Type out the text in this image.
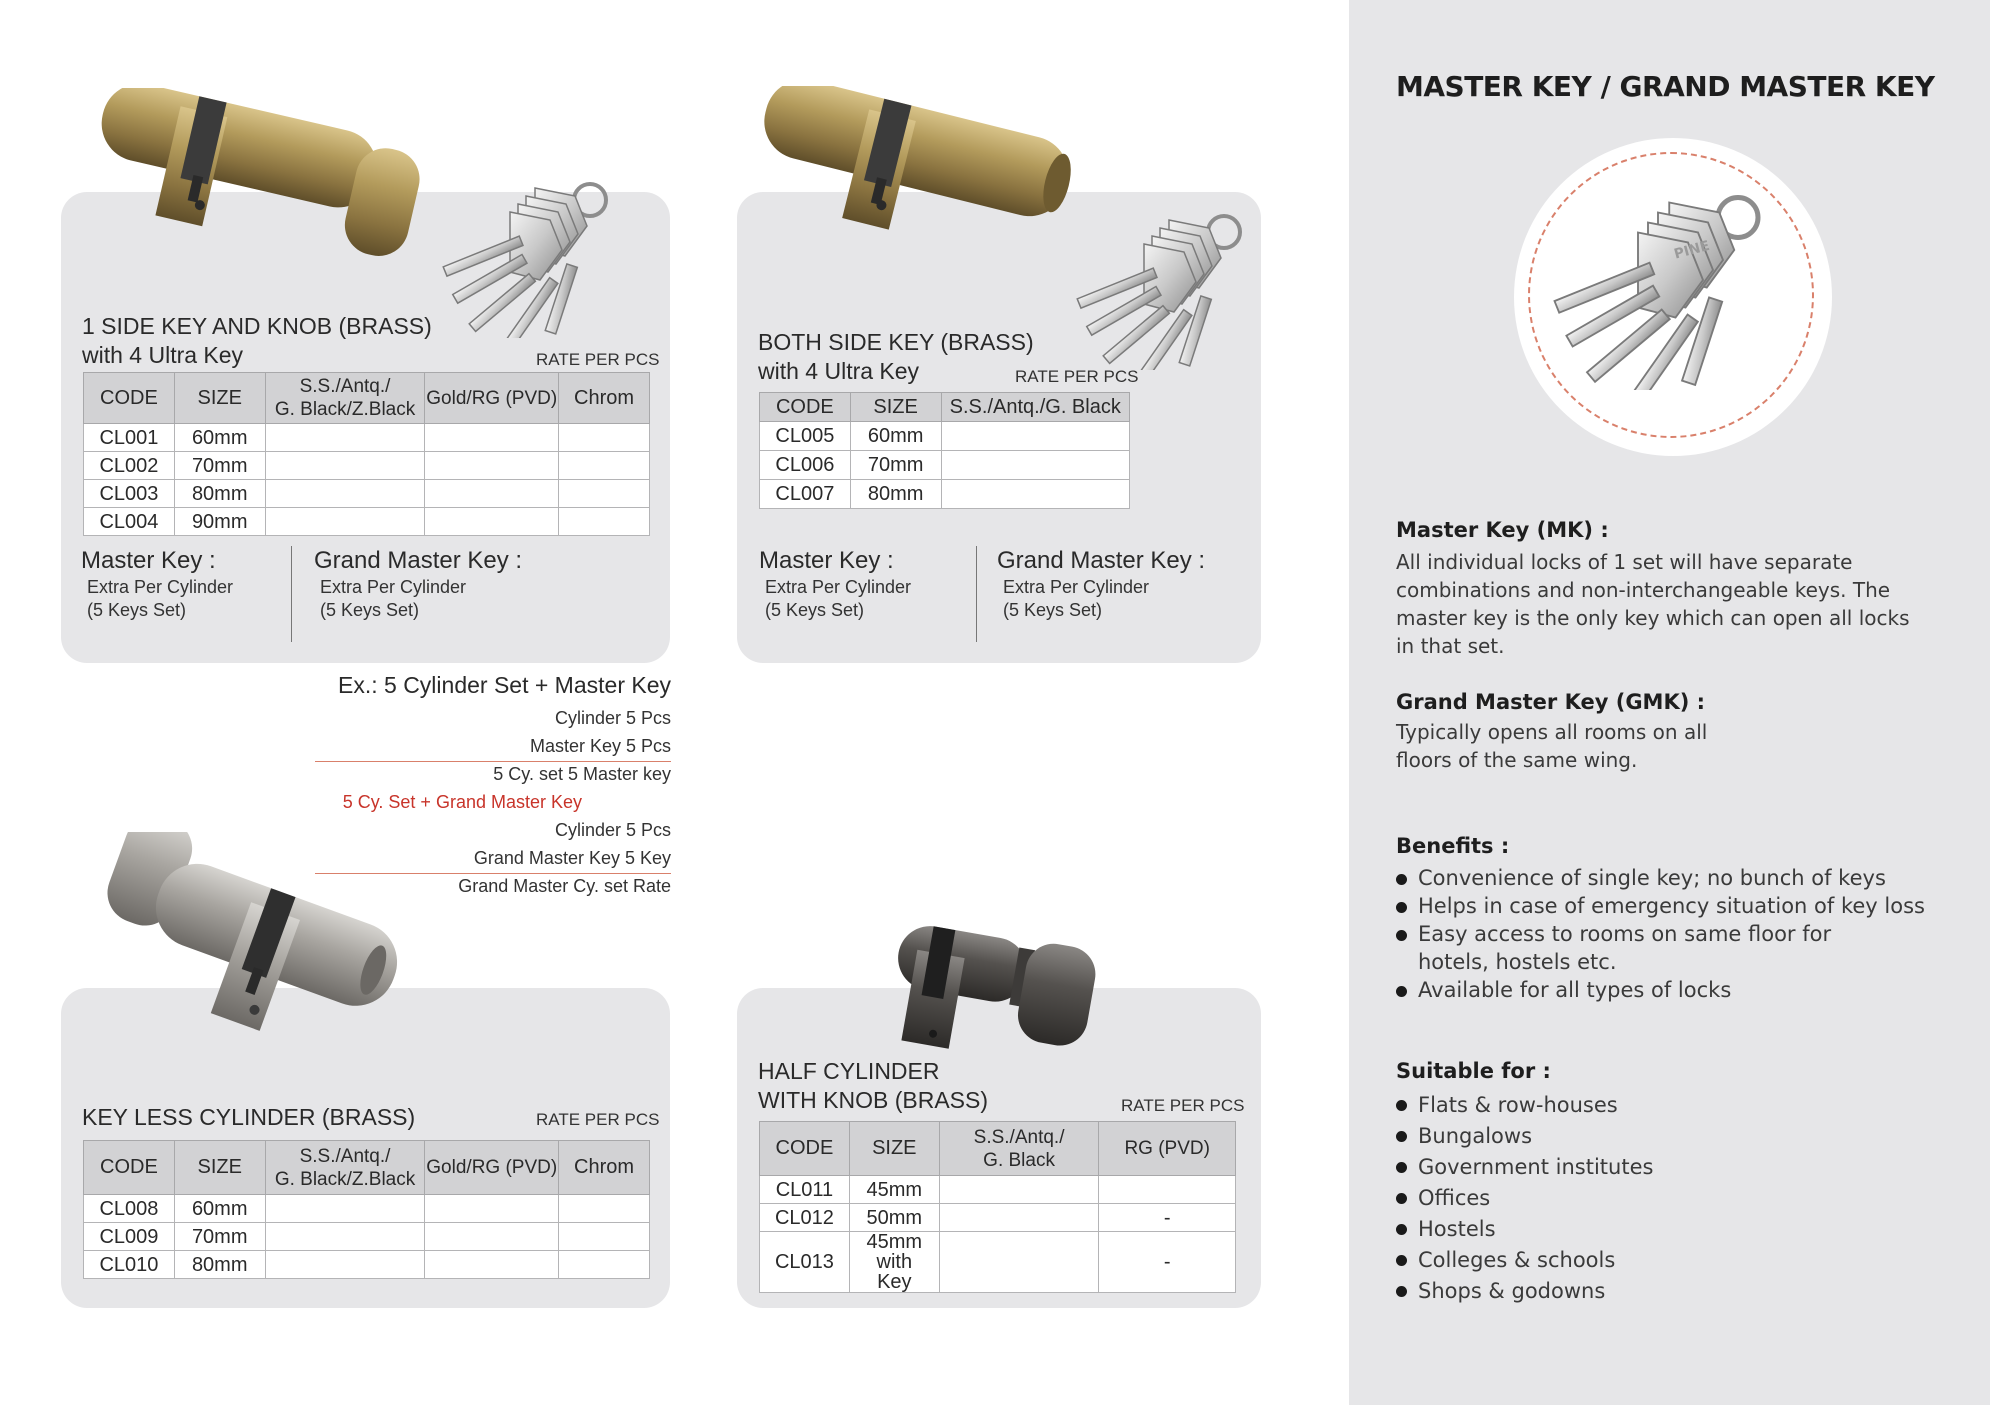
1 SIDE KEY AND KNOB (BRASS)
with 4 Ultra Key	RATE PER PCS
CODE	SIZE	S.S./Antq./
G. Black/Z.Black	Gold/RG (PVD)	Chrom
CL001	60mm			
CL002	70mm			
CL003	80mm			
CL004	90mm			
Master Key :
Extra Per Cylinder
(5 Keys Set)
Grand Master Key :
Extra Per Cylinder
(5 Keys Set)
BOTH SIDE KEY (BRASS)
with 4 Ultra Key	RATE PER PCS
CODE	SIZE	S.S./Antq./G. Black
CL005	60mm	
CL006	70mm	
CL007	80mm	
Master Key :
Extra Per Cylinder
(5 Keys Set)
Grand Master Key :
Extra Per Cylinder
(5 Keys Set)
Ex.: 5 Cylinder Set + Master Key
Cylinder 5 Pcs
Master Key 5 Pcs
5 Cy. set 5 Master key
5 Cy. Set + Grand Master Key
Cylinder 5 Pcs
Grand Master Key 5 Key
Grand Master Cy. set Rate
KEY LESS CYLINDER (BRASS)	RATE PER PCS
CODE	SIZE	S.S./Antq./
G. Black/Z.Black	Gold/RG (PVD)	Chrom
CL008	60mm			
CL009	70mm			
CL010	80mm			
HALF CYLINDER
WITH KNOB (BRASS)	RATE PER PCS
CODE	SIZE	S.S./Antq./
G. Black	RG (PVD)
CL011	45mm		
CL012	50mm		-
CL013	45mm with Key		-
MASTER KEY / GRAND MASTER KEY
PINE
Master Key (MK) :
All individual locks of 1 set will have separate combinations and non-interchangeable keys. The master key is the only key which can open all locks in that set.
Grand Master Key (GMK) :
Typically opens all rooms on all floors of the same wing.
Benefits :
Convenience of single key; no bunch of keys
Helps in case of emergency situation of key loss
Easy access to rooms on same floor for hotels, hostels etc.
Available for all types of locks
Suitable for :
Flats & row-houses
Bungalows
Government institutes
Offices
Hostels
Colleges & schools
Shops & godowns
